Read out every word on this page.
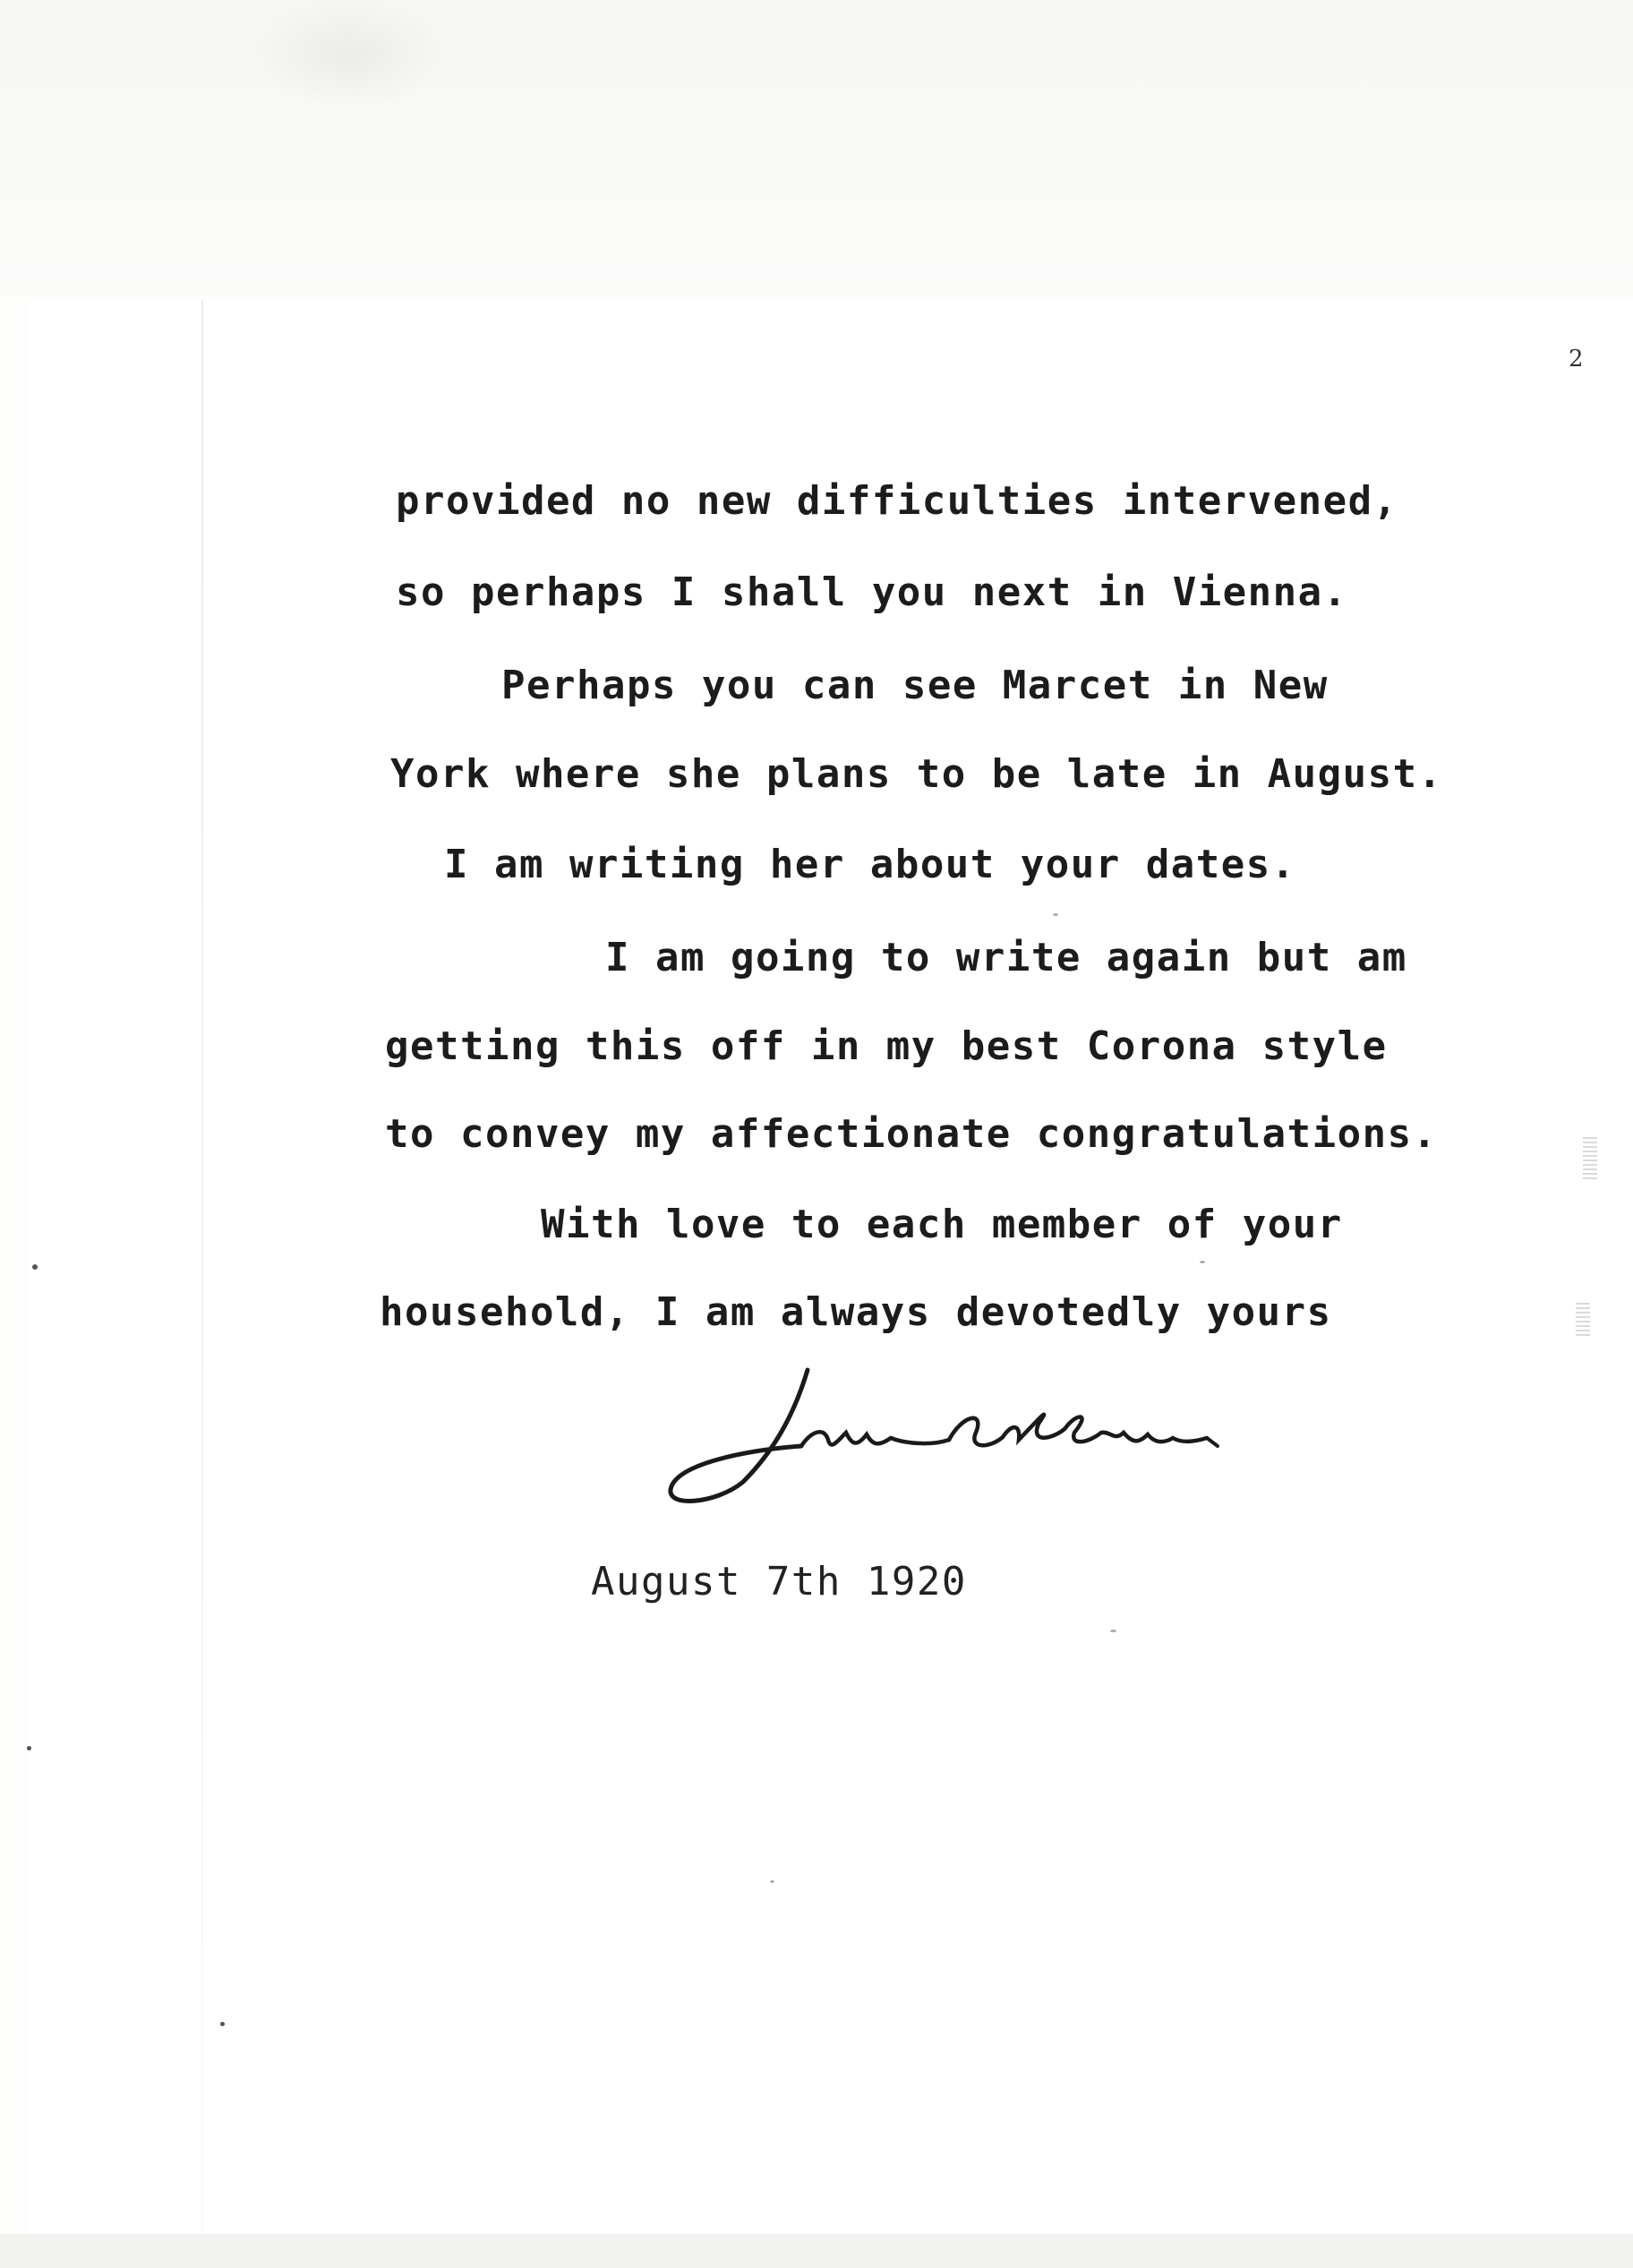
2
provided no new difficulties intervened,
so perhaps I shall you next in Vienna.
Perhaps you can see Marcet in New
York where she plans to be late in August.
I am writing her about your dates.
I am going to write again but am
getting this off in my best Corona style
to convey my affectionate congratulations.
With love to each member of your
household, I am always devotedly yours
August 7th 1920
